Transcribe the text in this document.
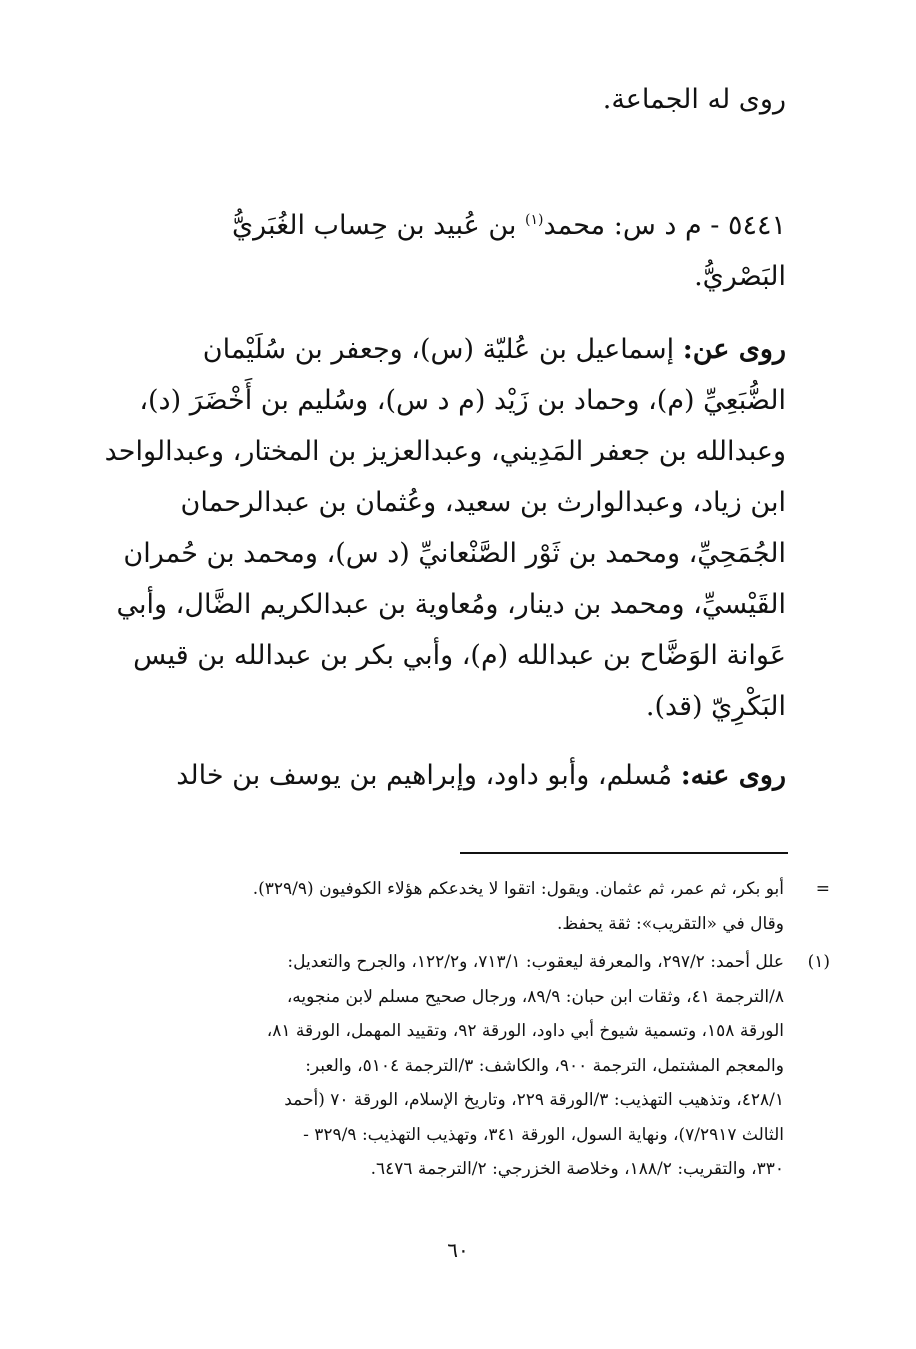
روى له الجماعة.
٥٤٤١ - م د س: محمد$^{(١)}$ بن عُبيد بن حِساب الغُبَريُّ
البَصْريُّ.
روى عن: إسماعيل بن عُليّة (س)، وجعفر بن سُلَيْمان
الضُّبَعِيِّ (م)، وحماد بن زَيْد (م د س)، وسُليم بن أَخْضَرَ (د)،
وعبدالله بن جعفر المَدِيني، وعبدالعزيز بن المختار، وعبدالواحد
ابن زياد، وعبدالوارث بن سعيد، وعُثمان بن عبدالرحمان
الجُمَحِيِّ، ومحمد بن ثَوْر الصَّنْعانيِّ (د س)، ومحمد بن حُمران
القَيْسيِّ، ومحمد بن دينار، ومُعاوية بن عبدالكريم الضَّال، وأبي
عَوانة الوَضَّاح بن عبدالله (م)، وأبي بكر بن عبدالله بن قيس
البَكْرِيّ (قد).
روى عنه: مُسلم، وأبو داود، وإبراهيم بن يوسف بن خالد
=
أبو بكر، ثم عمر، ثم عثمان. ويقول: اتقوا لا يخدعكم هؤلاء الكوفيون (٣٢٩/٩).
وقال في «التقريب»: ثقة يحفظ.
(١)
علل أحمد: ٢٩٧/٢، والمعرفة ليعقوب: ٧١٣/١، و١٢٢/٢، والجرح والتعديل:
٨/الترجمة ٤١، وثقات ابن حبان: ٨٩/٩، ورجال صحيح مسلم لابن منجويه،
الورقة ١٥٨، وتسمية شيوخ أبي داود، الورقة ٩٢، وتقييد المهمل، الورقة ٨١،
والمعجم المشتمل، الترجمة ٩٠٠، والكاشف: ٣/الترجمة ٥١٠٤، والعبر:
٤٢٨/١، وتذهيب التهذيب: ٣/الورقة ٢٢٩، وتاريخ الإسلام، الورقة ٧٠ (أحمد
الثالث ٧/٢٩١٧)، ونهاية السول، الورقة ٣٤١، وتهذيب التهذيب: ٣٢٩/٩ -
٣٣٠، والتقريب: ١٨٨/٢، وخلاصة الخزرجي: ٢/الترجمة ٦٤٧٦.
٦٠
